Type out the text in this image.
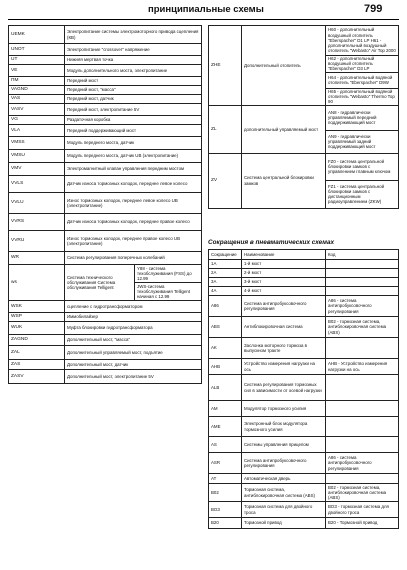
принципиальные схемы	799
UEMK	Электропитание системы электромоторного привода сцепления (КВ)	
UNOT	Электропитание "crossover" напряжение	
UT	Нижняя мертвая точка	
VE	Модуль дополнительного моста, электропитание	
ПМ	Передний мост	
VAGND	Передний мост, "масса"	
VAS	Передний мост, датчик	
VASV	Передний мост, электропитание 5V	
VG	Раздаточная коробка	
VLA	Передний поддерживающий мост	
VMSS	Модуль переднего моста, датчик	
VMSU	Модуль переднего моста, датчик UB (электропитание)	
VMV	Электромагнитный клапан управления передним мостом	
VVLS	Датчик износа тормозных колодок, переднее левое колесо	
VVLU	Износ тормозных колодок, переднее левое колесо UB (электропитание)	
VVRS	Датчик износа тормозных колодок, переднее правое колесо	
VVRU	Износ тормозных колодок, переднее правое колесо UB (электропитание)	
WR	Система регулирования поперечных колебаний	
ws	Система технического обслуживания Система обслуживания Telligent	Y88 - система техобслуживания (FSS) до 12.99
		JWS-система техобслуживания Telligent начиная с 12.99
WSK	сцепление с гидротрансформатором	
WSP	Иммобилайзер	
WUK	Муфта блокировки гидротрансформатора	
ZAGND	Дополнительный мост, "масса"	
ZAL	Дополнительный управляемый мост, подъятие	
ZAS	Дополнительный мост, датчик	
ZASV	Дополнительный мост, электропитание 5V	
ZHE	Дополнительный отопитель	H60 - дополнительный воздушный отопитель "Eberspacher" D1 LP H61 - дополнительный воздушный отопитель "Webasto" Air Top 2000
		H62 - дополнительный воздушный отопитель "Eberspacher" D3 LP
		H64 - дополнительный водяной отопитель "Eberspacher" D9W
		H65 - дополнительный водяной отопитель "Webasto" Thermo Top 90
ZL	дополнительный управляемый мост	AN8 - гидравлически управляемый передний поддерживающий мост
		AN9 - гидравлически управляемый задний поддерживающий мост
ZV	Система центральной блокировки замков	FZ0 - система центральной блокировки замков с управлением главным ключом
		FZ1 - система центральной блокировки замков с дистанционным радиоуправлением (ZKW)
Сокращения в пневматических схемах
Сокращение	Наименование	Код
1А	1-й мост	
2А	2-й мост	
3А	3-й мост	
4А	4-й мост	
А86	Система антипробуксовочного регулирования	А86 - система антипробуксовочного регулирования
АBS	Антиблокировочная система	В02 - тормозная система, антиблокировочная система (ABS)
АK	Заслонка моторного тормоза в выпускном тракте	
АНВ	Устройство измерения нагрузки на ось	АНВ - Устройство измерения нагрузки на ось
АLВ	Система регулирования тормозных сил в зависимости от осевой нагрузки	
АМ	Модулятор тормозного усилия	
АМЕ	Электронный блок модулятора тормозного усилия	
AS	Системы управления прицепом	
АSR	Система антипробуксовочного регулирования	А86 - система антипробуксовочного регулирования
АТ	Автоматическая дверь	
В02	Тормозная система, антиблокировочная система (ABS)	В02 - тормозная система, антиблокировочная система (ABS)
ВОЗ	Тормозная система для двойного троса	ВОЗ - тормозная система для двойного троса
В20	Тормозной привод	В20 - Тормозной привод
